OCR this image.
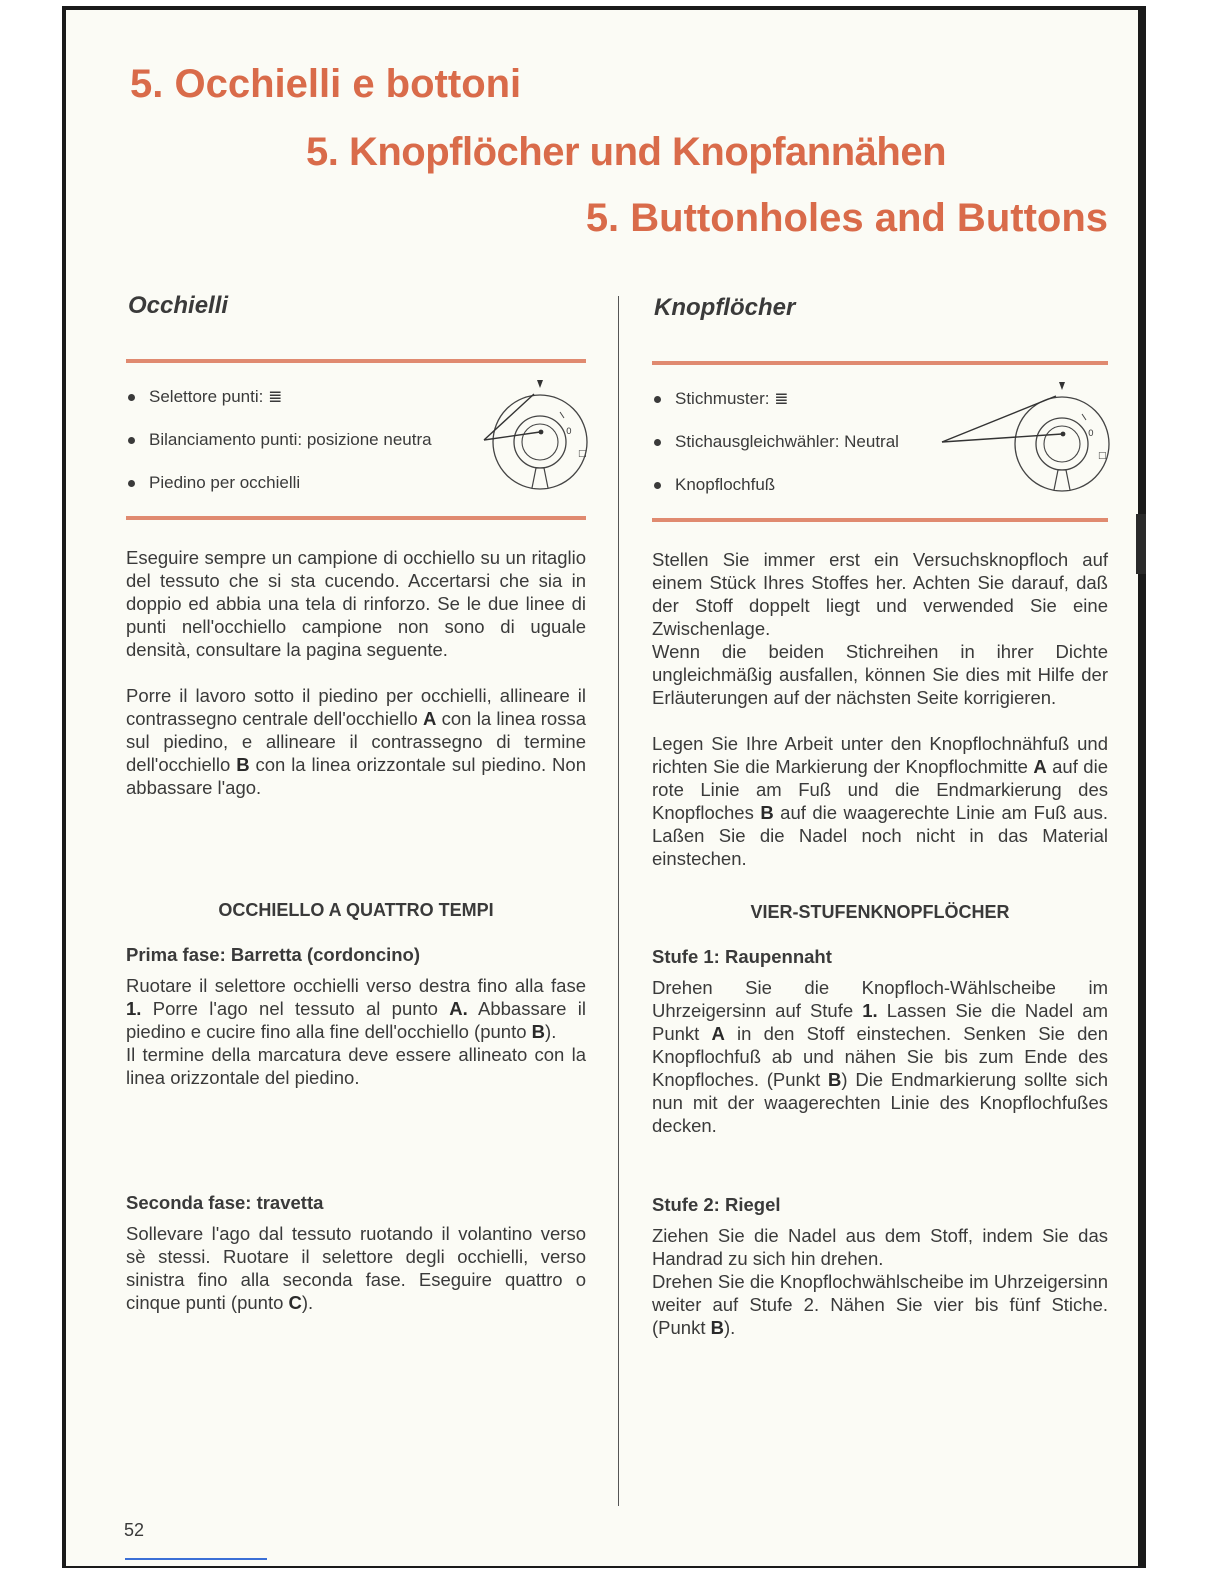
5. Occhielli e bottoni
5. Knopflöcher und Knopfannähen
5. Buttonholes and Buttons
Occhielli
Selettore punti: ≣
Bilanciamento punti: posizione neutra
Piedino per occhielli
0
□

Eseguire sempre un campione di occhiello su un ritaglio del tessuto che si sta cucendo. Accertarsi che sia in doppio ed abbia una tela di rinforzo. Se le due linee di punti nell'occhiello campione non sono di uguale densità, consultare la pagina seguente.

Porre il lavoro sotto il piedino per occhielli, allineare il contrassegno centrale dell'occhiello A con la linea rossa sul piedino, e allineare il contrassegno di termine dell'occhiello B con la linea orizzontale sul piedino. Non abbassare l'ago.

OCCHIELLO A QUATTRO TEMPI
Prima fase: Barretta (cordoncino)

Ruotare il selettore occhielli verso destra fino alla fase 1. Porre l'ago nel tessuto al punto A. Abbassare il piedino e cucire fino alla fine dell'occhiello (punto B).
Il termine della marcatura deve essere allineato con la linea orizzontale del piedino.

Seconda fase: travetta

Sollevare l'ago dal tessuto ruotando il volantino verso sè stessi. Ruotare il selettore degli occhielli, verso sinistra fino alla seconda fase. Eseguire quattro o cinque punti (punto C).

Knopflöcher
Stichmuster: ≣
Stichausgleichwähler: Neutral
Knopflochfuß
0
□

Stellen Sie immer erst ein Versuchsknopfloch auf einem Stück Ihres Stoffes her. Achten Sie darauf, daß der Stoff doppelt liegt und verwended Sie eine Zwischenlage.

Wenn die beiden Stichreihen in ihrer Dichte ungleichmäßig ausfallen, können Sie dies mit Hilfe der Erläuterungen auf der nächsten Seite korrigieren.

Legen Sie Ihre Arbeit unter den Knopflochnähfuß und richten Sie die Markierung der Knopflochmitte A auf die rote Linie am Fuß und die Endmarkierung des Knopfloches B auf die waagerechte Linie am Fuß aus. Laßen Sie die Nadel noch nicht in das Material einstechen.

VIER-STUFENKNOPFLÖCHER
Stufe 1: Raupennaht

Drehen Sie die Knopfloch-Wählscheibe im Uhrzeigersinn auf Stufe 1. Lassen Sie die Nadel am Punkt A in den Stoff einstechen. Senken Sie den Knopflochfuß ab und nähen Sie bis zum Ende des Knopfloches. (Punkt B) Die Endmarkierung sollte sich nun mit der waagerechten Linie des Knopflochfußes decken.

Stufe 2: Riegel

Ziehen Sie die Nadel aus dem Stoff, indem Sie das Handrad zu sich hin drehen.
Drehen Sie die Knopflochwählscheibe im Uhrzeigersinn weiter auf Stufe 2. Nähen Sie vier bis fünf Stiche. (Punkt B).

52
